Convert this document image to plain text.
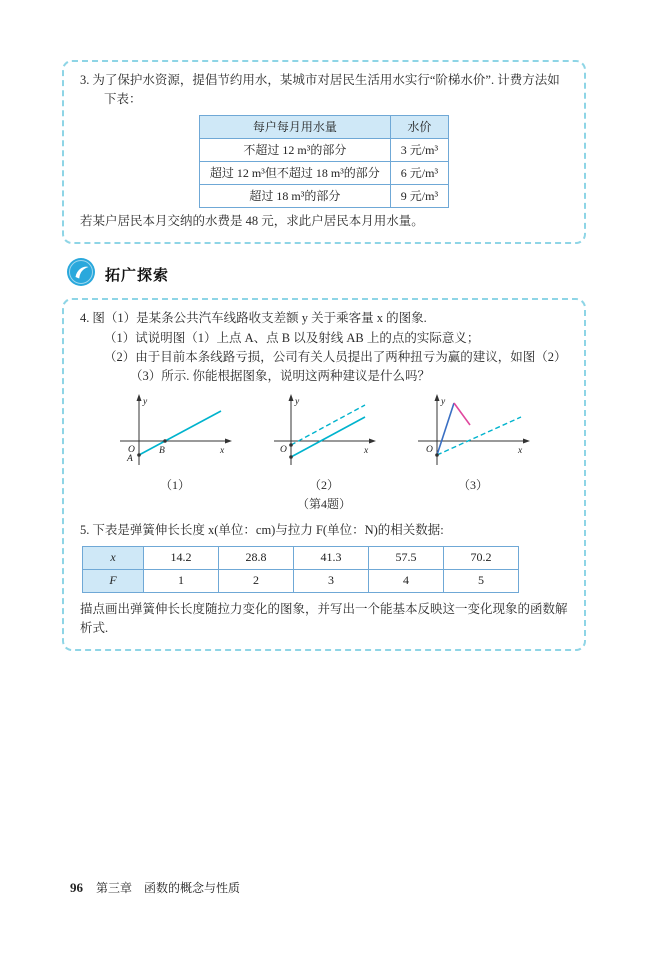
3. 为了保护水资源，提倡节约用水，某城市对居民生活用水实行“阶梯水价”. 计费方法如下表：

每户每月用水量	水价
不超过 12 m³的部分	3 元/m³
超过 12 m³但不超过 18 m³的部分	6 元/m³
超过 18 m³的部分	9 元/m³

若某户居民本月交纳的水费是 48 元，求此户居民本月用水量。

拓广探索

4. 图（1）是某条公共汽车线路收支差额 y 关于乘客量 x 的图象.

（1）试说明图（1）上点 A、点 B 以及射线 AB 上的点的实际意义；

（2）由于目前本条线路亏损，公司有关人员提出了两种扭亏为赢的建议，如图（2）（3）所示. 你能根据图象，说明这两种建议是什么吗？

y
x
O
A
B
（1）
y
x
O
（2）
y
x
O
（3）

（第4题）

5. 下表是弹簧伸长长度 x(单位：cm)与拉力 F(单位：N)的相关数据:

x	14.2	28.8	41.3	57.5	70.2
F	1	2	3	4	5

描点画出弹簧伸长长度随拉力变化的图象，并写出一个能基本反映这一变化现象的函数解析式.

96 第三章　函数的概念与性质
